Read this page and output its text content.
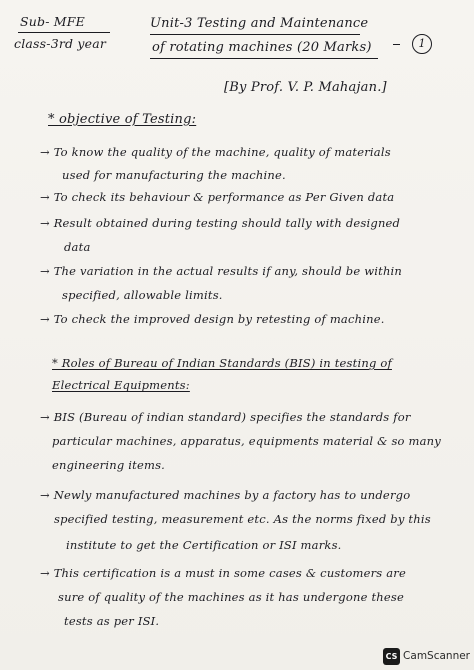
Sub- MFE
class-3rd year
Unit-3 Testing and Maintenance
of rotating machines (20 Marks)	1
[By Prof. V. P. Mahajan.]
* objective of Testing:
→ To know the quality of the machine, quality of materials
used for manufacturing the machine.
→ To check its behaviour & performance as Per Given data
→ Result obtained during testing should tally with designed
data
→ The variation in the actual results if any, should be within
specified, allowable limits.
→ To check the improved design by retesting of machine.
* Roles of Bureau of Indian Standards (BIS) in testing of
Electrical Equipments:
→ BIS (Bureau of indian standard) specifies the standards for
particular machines, apparatus, equipments material & so many
engineering items.
→ Newly manufactured machines by a factory has to undergo
specified testing, measurement etc. As the norms fixed by this
institute to get the Certification or ISI marks.
→ This certification is a must in some cases & customers are
sure of quality of the machines as it has undergone these
tests as per ISI.
CS CamScanner
